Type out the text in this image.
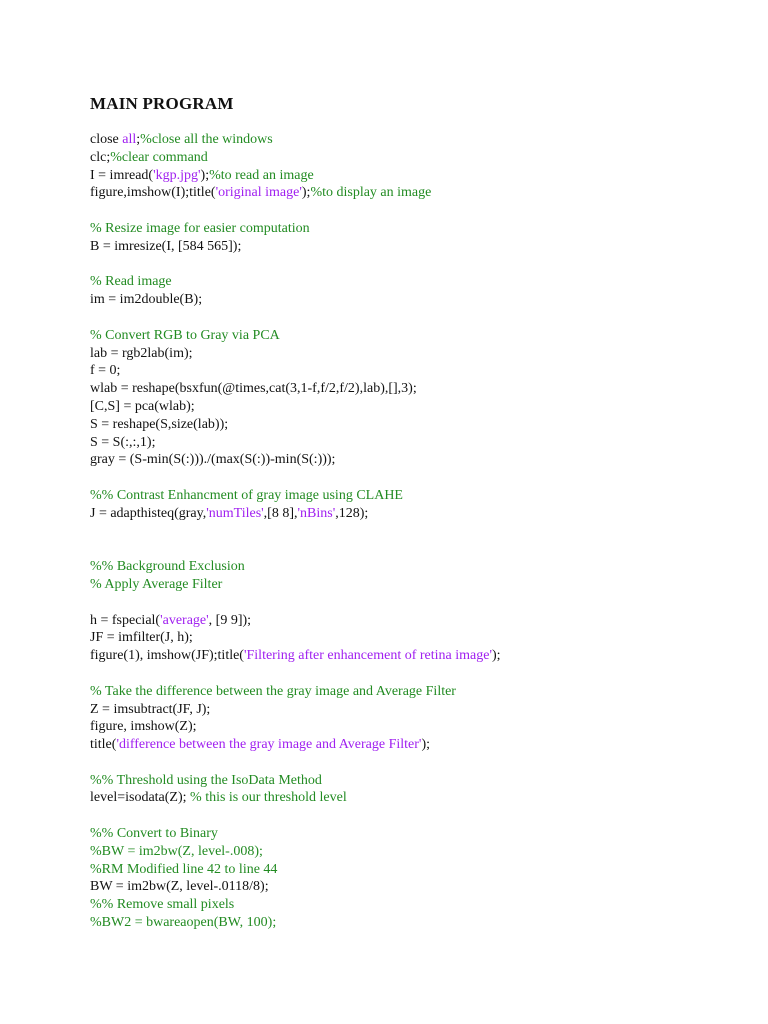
MAIN PROGRAM
close all;%close all the windows
clc;%clear command
I = imread('kgp.jpg');%to read an image
figure,imshow(I);title('original image');%to display an image
% Resize image for easier computation
B = imresize(I, [584 565]);
% Read image
im = im2double(B);
% Convert RGB to Gray via PCA
lab = rgb2lab(im);
f = 0;
wlab = reshape(bsxfun(@times,cat(3,1-f,f/2,f/2),lab),[],3);
[C,S] = pca(wlab);
S = reshape(S,size(lab));
S = S(:,:,1);
gray = (S-min(S(:)))./(max(S(:))-min(S(:)));
%% Contrast Enhancment of gray image using CLAHE
J = adapthisteq(gray,'numTiles',[8 8],'nBins',128);
%% Background Exclusion
% Apply Average Filter
h = fspecial('average', [9 9]);
JF = imfilter(J, h);
figure(1), imshow(JF);title('Filtering after enhancement of retina image');
% Take the difference between the gray image and Average Filter
Z = imsubtract(JF, J);
figure, imshow(Z);
title('difference between the gray image and Average Filter');
%% Threshold using the IsoData Method
level=isodata(Z); % this is our threshold level
%% Convert to Binary
%BW = im2bw(Z, level-.008);
%RM Modified line 42 to line 44
BW = im2bw(Z, level-.0118/8);
%% Remove small pixels
%BW2 = bwareaopen(BW, 100);
